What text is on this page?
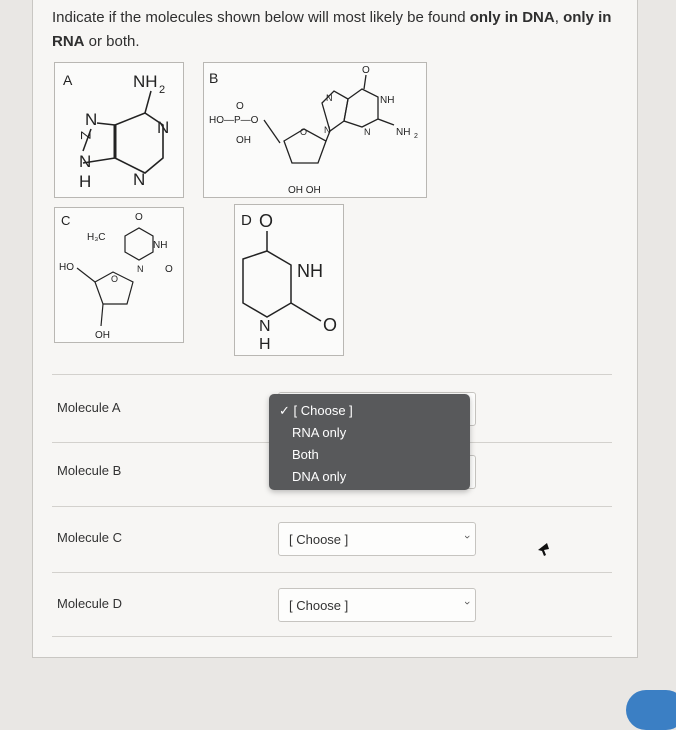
Indicate if the molecules shown below will most likely be found only in DNA, only in RNA or both.
A	NH 2
N	N
N
Z
N
H
B
O
HO—P—O
OH
O
OH OH
O
N
N	N
NH
NH 2
C
H₃C
O
NH
O
N
HO
O
OH
D O
NH
O
N
H
Molecule A
Molecule B
Molecule C	[ Choose ]	›
Molecule D	[ Choose ]	›
✓ [ Choose ]
RNA only
Both
DNA only
